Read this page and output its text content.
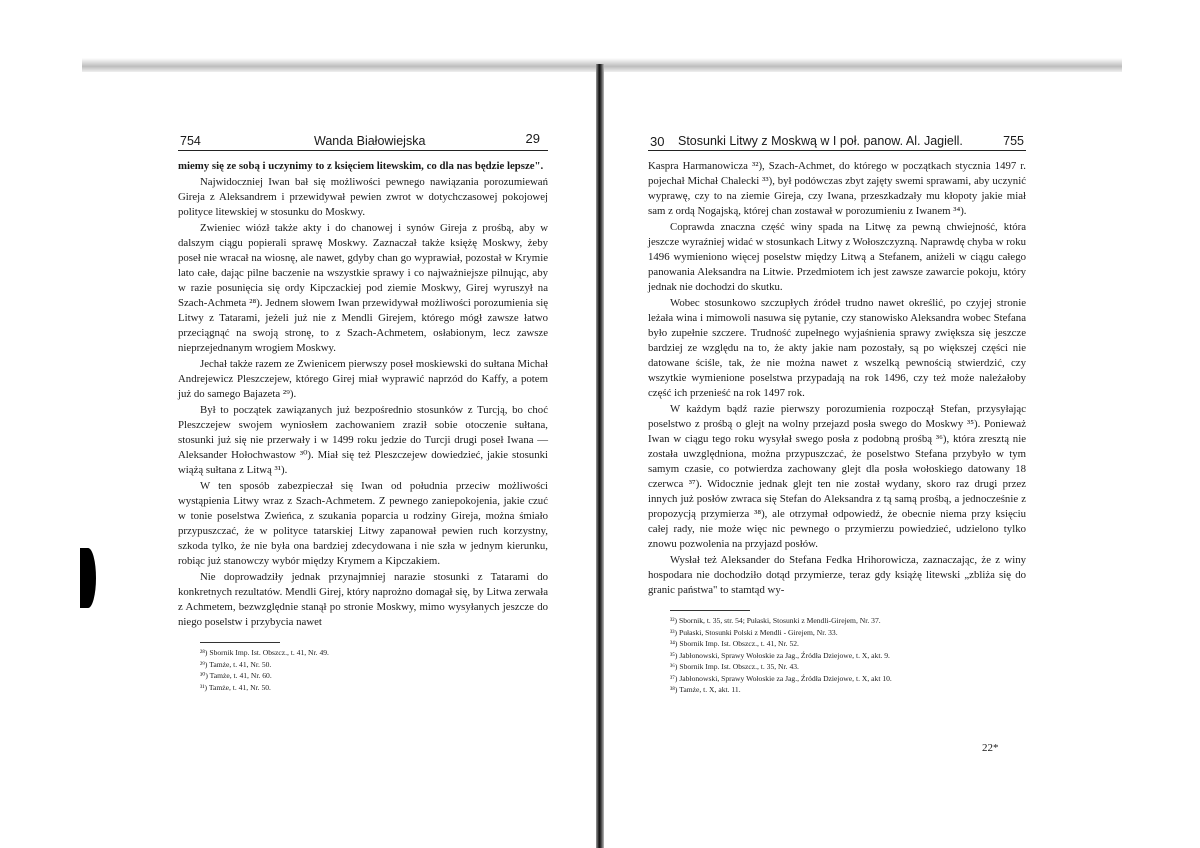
754	Wanda Białowiejska	29

miemy się ze sobą i uczynimy to z księciem litewskim, co dla nas będzie lepsze".

Najwidoczniej Iwan bał się możliwości pewnego nawiązania porozumiewań Gireja z Aleksandrem i przewidywał pewien zwrot w dotychczasowej pokojowej polityce litewskiej w stosunku do Moskwy.

Zwieniec wiózł także akty i do chanowej i synów Gireja z prośbą, aby w dalszym ciągu popierali sprawę Moskwy. Zaznaczał także księżę Moskwy, żeby poseł nie wracał na wiosnę, ale nawet, gdyby chan go wyprawiał, pozostał w Krymie lato całe, dając pilne baczenie na wszystkie sprawy i co najważniejsze pilnując, aby w razie posunięcia się ordy Kipczackiej pod ziemie Moskwy, Girej wyruszył na Szach-Achmeta ²⁸). Jednem słowem Iwan przewidywał możliwości porozumienia się Litwy z Tatarami, jeżeli już nie z Mendli Girejem, którego mógł zawsze łatwo przeciągnąć na swoją stronę, to z Szach-Achmetem, osłabionym, lecz zawsze nieprzejednanym wrogiem Moskwy.

Jechał także razem ze Zwienicem pierwszy poseł moskiewski do sułtana Michał Andrejewicz Pleszczejew, którego Girej miał wyprawić naprzód do Kaffy, a potem już do samego Bajazeta ²⁹).

Był to początek zawiązanych już bezpośrednio stosunków z Turcją, bo choć Pleszczejew swojem wyniosłem zachowaniem zraził sobie otoczenie sułtana, stosunki już się nie przerwały i w 1499 roku jedzie do Turcji drugi poseł Iwana — Aleksander Hołochwastow ³⁰). Miał się też Pleszczejew dowiedzieć, jakie stosunki wiążą sułtana z Litwą ³¹).

W ten sposób zabezpieczał się Iwan od południa przeciw możliwości wystąpienia Litwy wraz z Szach-Achmetem. Z pewnego zaniepokojenia, jakie czuć w tonie poselstwa Zwieńca, z szukania poparcia u rodziny Gireja, można śmiało przypuszczać, że w polityce tatarskiej Litwy zapanował pewien ruch korzystny, szkoda tylko, że nie była ona bardziej zdecydowana i nie szła w jednym kierunku, robiąc już stanowczy wybór między Krymem a Kipczakiem.

Nie doprowadziły jednak przynajmniej narazie stosunki z Tatarami do konkretnych rezultatów. Mendli Girej, który naprożno domagał się, by Litwa zerwała z Achmetem, bezwzględnie stanął po stronie Moskwy, mimo wysyłanych jeszcze do niego poselstw i przybycia nawet

²⁸) Sbornik Imp. Ist. Obszcz., t. 41, Nr. 49.
²⁹) Tamże, t. 41, Nr. 50.
³⁰) Tamże, t. 41, Nr. 60.
³¹) Tamże, t. 41, Nr. 50.
30 Stosunki Litwy z Moskwą w I poł. panow. Al. Jagiell.	755

Kaspra Harmanowicza ³²), Szach-Achmet, do którego w początkach stycznia 1497 r. pojechał Michał Chalecki ³³), był podówczas zbyt zajęty swemi sprawami, aby uczynić wyprawę, czy to na ziemie Gireja, czy Iwana, przeszkadzały mu kłopoty jakie miał sam z ordą Nogajską, której chan zostawał w porozumieniu z Iwanem ³⁴).

Coprawda znaczna część winy spada na Litwę za pewną chwiejność, która jeszcze wyraźniej widać w stosunkach Litwy z Wołoszczyzną. Naprawdę chyba w roku 1496 wymieniono więcej poselstw między Litwą a Stefanem, aniżeli w ciągu całego panowania Aleksandra na Litwie. Przedmiotem ich jest zawsze zawarcie pokoju, który jednak nie dochodzi do skutku.

Wobec stosunkowo szczupłych źródeł trudno nawet określić, po czyjej stronie leżała wina i mimowoli nasuwa się pytanie, czy stanowisko Aleksandra wobec Stefana było zupełnie szczere. Trudność zupełnego wyjaśnienia sprawy zwiększa się jeszcze bardziej ze względu na to, że akty jakie nam pozostały, są po większej części nie datowane ściśle, tak, że nie można nawet z wszelką pewnością stwierdzić, czy wszytkie wymienione poselstwa przypadają na rok 1496, czy też może należałoby część ich przenieść na rok 1497 rok.

W każdym bądź razie pierwszy porozumienia rozpoczął Stefan, przysyłając poselstwo z prośbą o glejt na wolny przejazd posła swego do Moskwy ³⁵). Ponieważ Iwan w ciągu tego roku wysyłał swego posła z podobną prośbą ³⁶), która zresztą nie została uwzględniona, można przypuszczać, że poselstwo Stefana przybyło w tym samym czasie, co potwierdza zachowany glejt dla posła wołoskiego datowany 18 czerwca ³⁷). Widocznie jednak glejt ten nie został wydany, skoro raz drugi przez innych już posłów zwraca się Stefan do Aleksandra z tą samą prośbą, a jednocześnie z propozycją przymierza ³⁸), ale otrzymał odpowiedź, że obecnie niema przy księciu całej rady, nie może więc nic pewnego o przymierzu powiedzieć, udzielono tylko znowu pozwolenia na przyjazd posłów.

Wysłał też Aleksander do Stefana Fedka Hrihorowicza, zaznaczając, że z winy hospodara nie dochodziło dotąd przymierze, teraz gdy książę litewski „zbliża się do granic państwa" to stamtąd wy-

³²) Sbornik, t. 35, str. 54; Pułaski, Stosunki z Mendli-Girejem, Nr. 37.
³³) Pułaski, Stosunki Polski z Mendli - Girejem, Nr. 33.
³⁴) Sbornik Imp. Ist. Obszcz., t. 41, Nr. 52.
³⁵) Jabłonowski, Sprawy Wołoskie za Jag., Źródła Dziejowe, t. X, akt. 9.
³⁶) Sbornik Imp. Ist. Obszcz., t. 35, Nr. 43.
³⁷) Jabłonowski, Sprawy Wołoskie za Jag., Źródła Dziejowe, t. X, akt 10.
³⁸) Tamże, t. X, akt. 11.
22*
